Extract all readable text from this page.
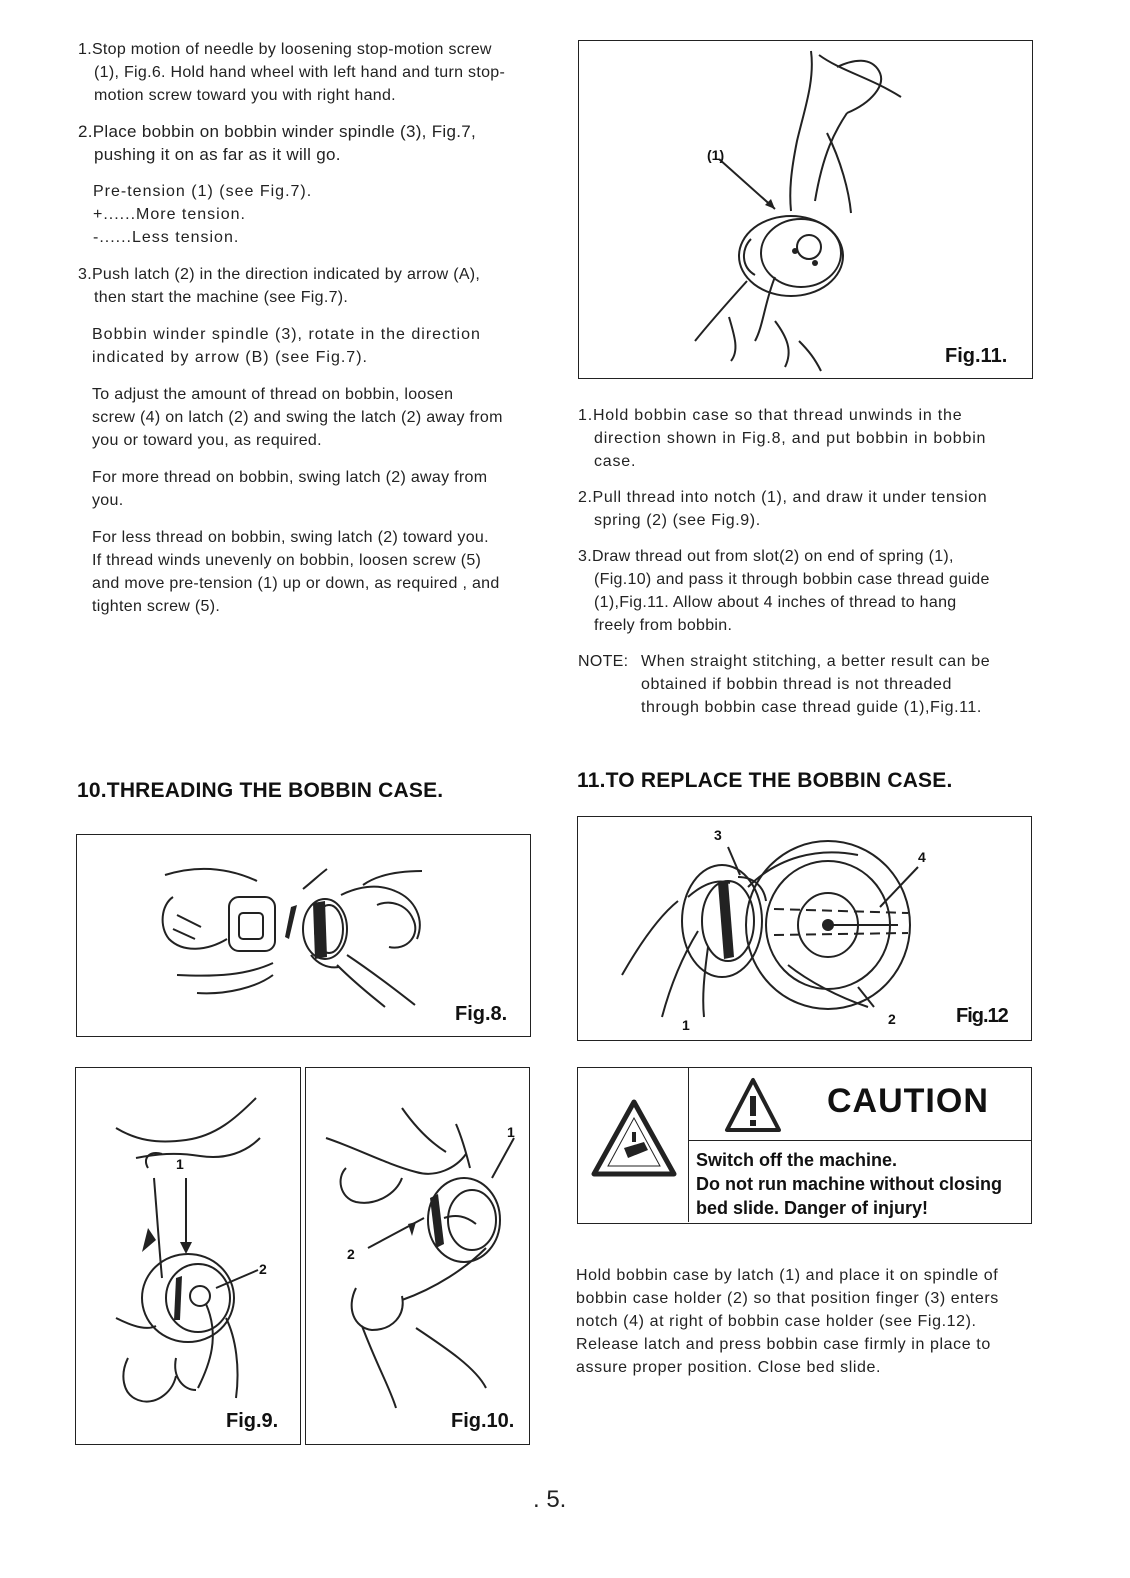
1.Stop motion of needle by loosening stop-motion screw

(1), Fig.6. Hold hand wheel with left hand and turn stop-
motion screw toward you with right hand.
2.Place bobbin on bobbin winder spindle (3), Fig.7,

pushing it on as far as it will go.
Pre-tension (1) (see Fig.7).
+......More tension.
-......Less tension.
3.Push latch (2) in the direction indicated by arrow (A),

then start the machine (see Fig.7).
Bobbin winder spindle (3), rotate in the direction
indicated by arrow (B) (see Fig.7).
To adjust the amount of thread on bobbin, loosen
screw (4) on latch (2) and swing the latch (2) away from
you or toward you, as required.
For more thread on bobbin, swing latch (2) away from
you.
For less thread on bobbin, swing latch (2) toward you.
If thread winds unevenly on bobbin, loosen screw (5)
and move pre-tension (1) up or down, as required , and
tighten screw (5).
(1)
Fig.11.
1.Hold bobbin case so that thread unwinds in the

direction shown in Fig.8, and put bobbin in bobbin
case.
2.Pull thread into notch (1), and draw it under tension

spring (2) (see Fig.9).
3.Draw thread out from slot(2) on end of spring (1),

(Fig.10) and pass it through bobbin case thread guide
(1),Fig.11. Allow about 4 inches of thread to hang
freely from bobbin.
NOTE: When straight stitching, a better result can be
obtained if bobbin thread is not threaded
through bobbin case thread guide (1),Fig.11.
10.THREADING THE BOBBIN CASE.	11.TO REPLACE THE BOBBIN CASE.
Fig.8.
1
2
Fig.9.
1
2
Fig.10.
3
4
1	2	Fig.12
CAUTION
Switch off the machine.
Do not run machine without closing
bed slide. Danger of injury!
Hold bobbin case by latch (1) and place it on spindle of
bobbin case holder (2) so that position finger (3) enters
notch (4) at right of bobbin case holder (see Fig.12).
Release latch and press bobbin case firmly in place to
assure proper position. Close bed slide.
. 5.
